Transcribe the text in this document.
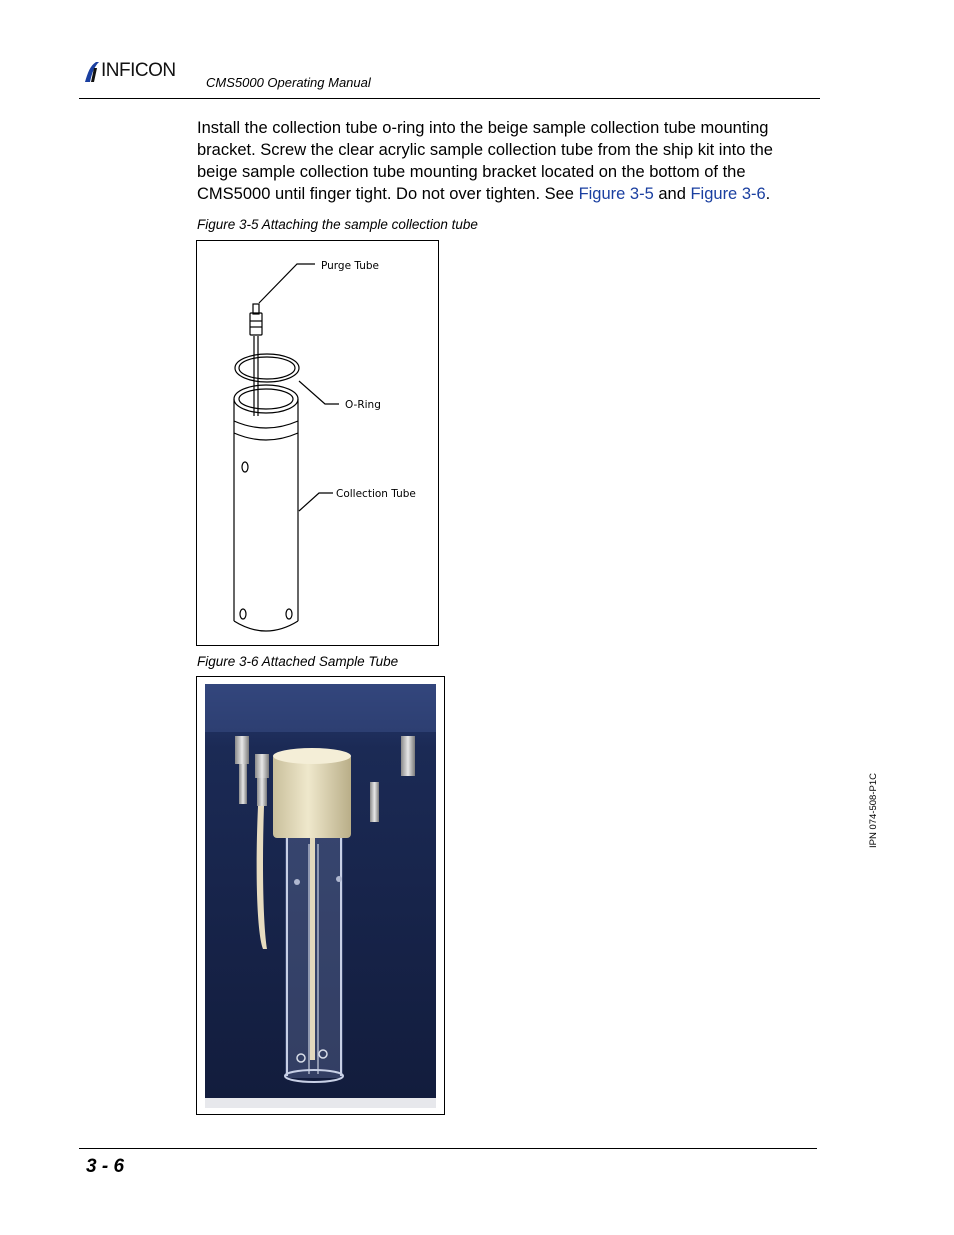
INFICON
CMS5000 Operating Manual
Install the collection tube o-ring into the beige sample collection tube mounting bracket. Screw the clear acrylic sample collection tube from the ship kit into the beige sample collection tube mounting bracket located on the bottom of the CMS5000 until finger tight. Do not over tighten. See Figure 3-5 and Figure 3-6.
Figure 3-5 Attaching the sample collection tube
Purge Tube
O-Ring
Collection Tube
Figure 3-6 Attached Sample Tube
IPN 074-508-P1C
3 - 6
